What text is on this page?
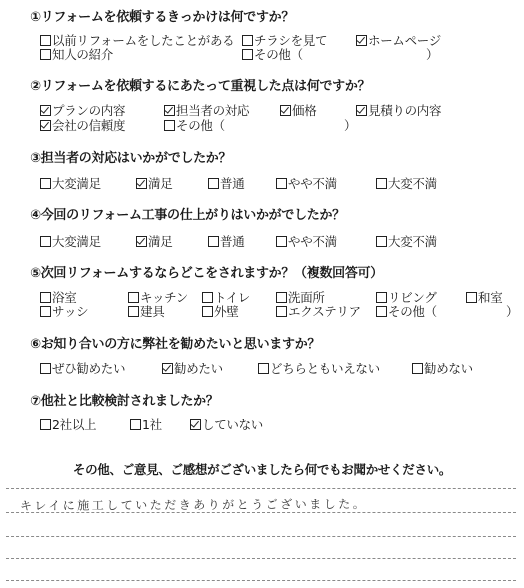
①リフォームを依頼するきっかけは何ですか？
以前リフォームをしたことがある	チラシを見て	ホームページ
知人の紹介	その他（	）
②リフォームを依頼するにあたって重視した点は何ですか？
プランの内容	担当者の対応	価格	見積りの内容
会社の信頼度	その他（	）
③担当者の対応はいかがでしたか？
大変満足	満足	普通	やや不満	大変不満
④今回のリフォーム工事の仕上がりはいかがでしたか？
大変満足	満足	普通	やや不満	大変不満
⑤次回リフォームするならどこをされますか？（複数回答可）
浴室	キッチン	トイレ	洗面所	リビング	和室
サッシ	建具	外壁	エクステリア	その他（	）
⑥お知り合いの方に弊社を勧めたいと思いますか？
ぜひ勧めたい	勧めたい	どちらともいえない	勧めない
⑦他社と比較検討されましたか？
2社以上	1社	していない
その他、ご意見、ご感想がございましたら何でもお聞かせください。
キレイに施工していただきありがとうございました。
